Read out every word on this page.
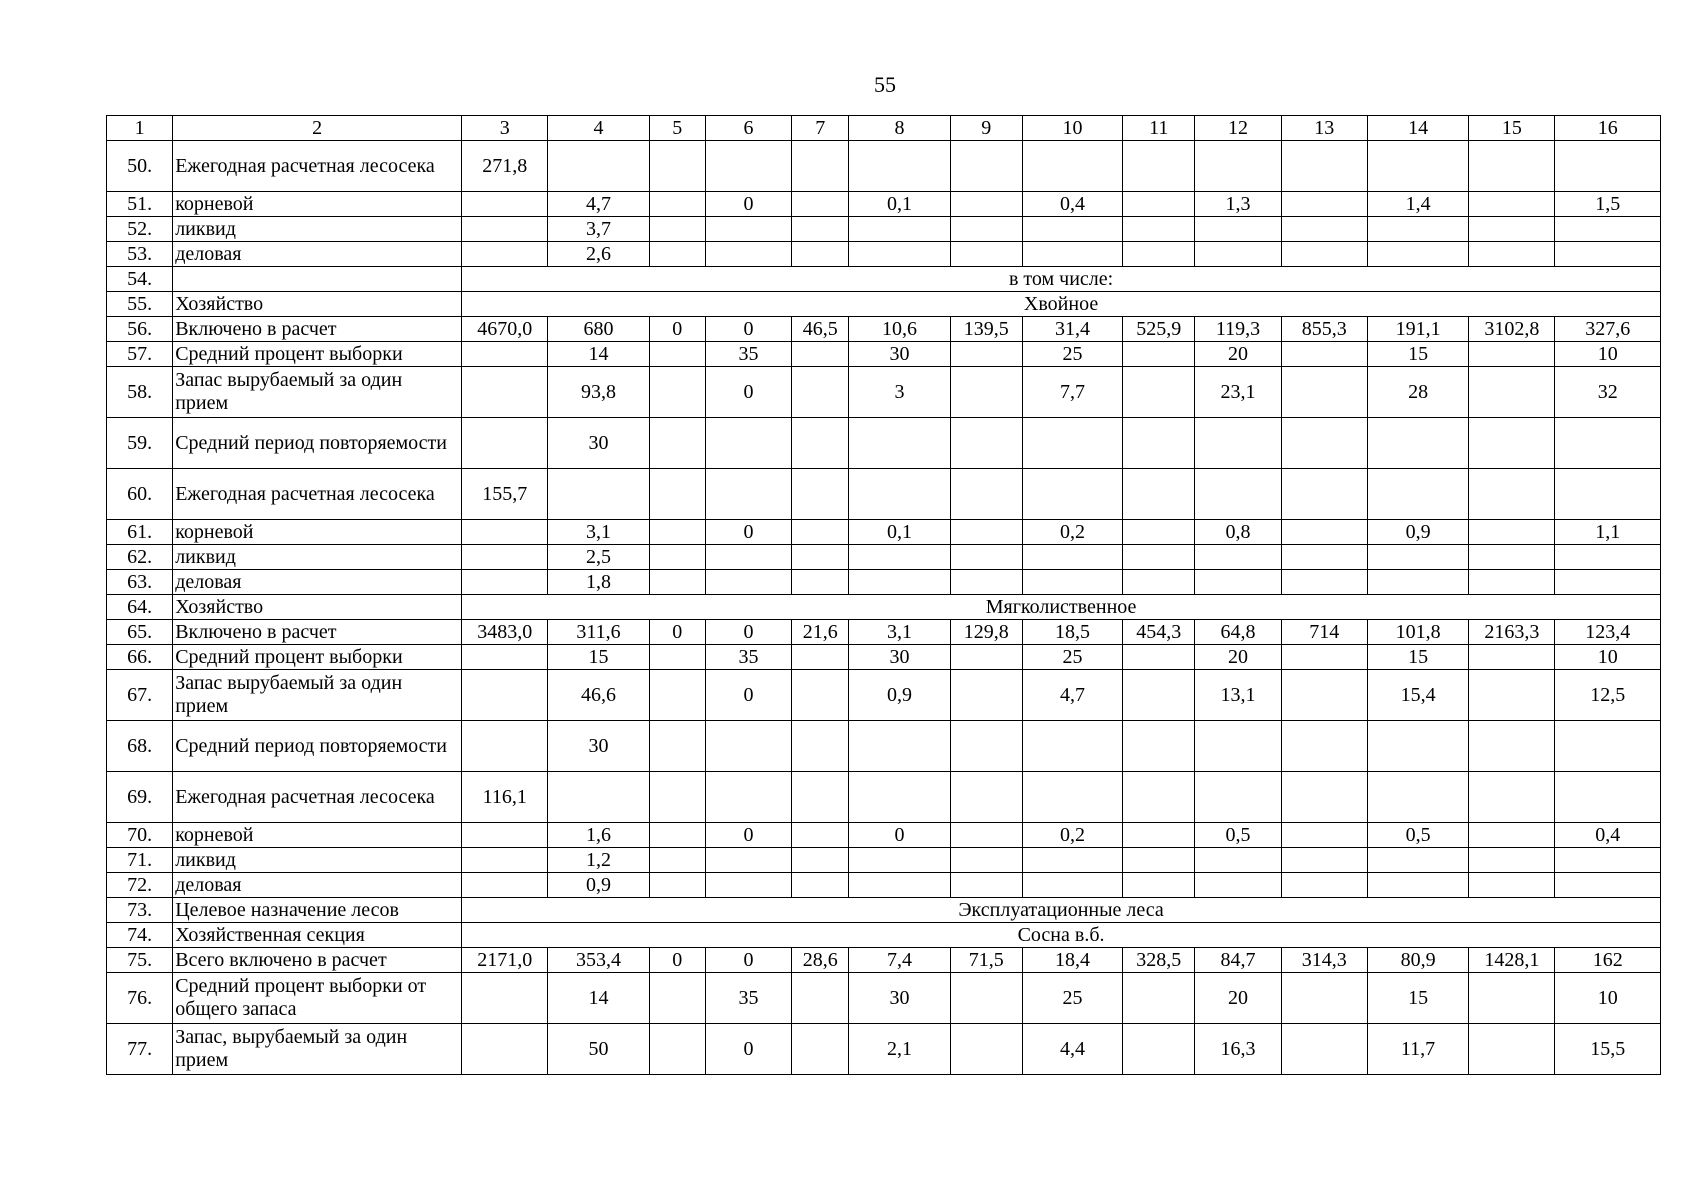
55
1	2	3	4	5	6	7	8	9	10	11	12	13	14	15	16
50.	Ежегодная расчетная лесосека	271,8													
51.	корневой		4,7		0		0,1		0,4		1,3		1,4		1,5
52.	ликвид		3,7												
53.	деловая		2,6												
54.		в том числе:													
55.	Хозяйство	Хвойное													
56.	Включено в расчет	4670,0	680	0	0	46,5	10,6	139,5	31,4	525,9	119,3	855,3	191,1	3102,8	327,6
57.	Средний процент выборки		14		35		30		25		20		15		10
58.	Запас вырубаемый за один прием		93,8		0		3		7,7		23,1		28		32
59.	Средний период повторяемости		30												
60.	Ежегодная расчетная лесосека	155,7													
61.	корневой		3,1		0		0,1		0,2		0,8		0,9		1,1
62.	ликвид		2,5												
63.	деловая		1,8												
64.	Хозяйство	Мягколиственное													
65.	Включено в расчет	3483,0	311,6	0	0	21,6	3,1	129,8	18,5	454,3	64,8	714	101,8	2163,3	123,4
66.	Средний процент выборки		15		35		30		25		20		15		10
67.	Запас вырубаемый за один прием		46,6		0		0,9		4,7		13,1		15,4		12,5
68.	Средний период повторяемости		30												
69.	Ежегодная расчетная лесосека	116,1													
70.	корневой		1,6		0		0		0,2		0,5		0,5		0,4
71.	ликвид		1,2												
72.	деловая		0,9												
73.	Целевое назначение лесов	Эксплуатационные леса													
74.	Хозяйственная секция	Сосна в.б.													
75.	Всего включено в расчет	2171,0	353,4	0	0	28,6	7,4	71,5	18,4	328,5	84,7	314,3	80,9	1428,1	162
76.	Средний процент выборки от общего запаса		14		35		30		25		20		15		10
77.	Запас, вырубаемый за один прием		50		0		2,1		4,4		16,3		11,7		15,5
